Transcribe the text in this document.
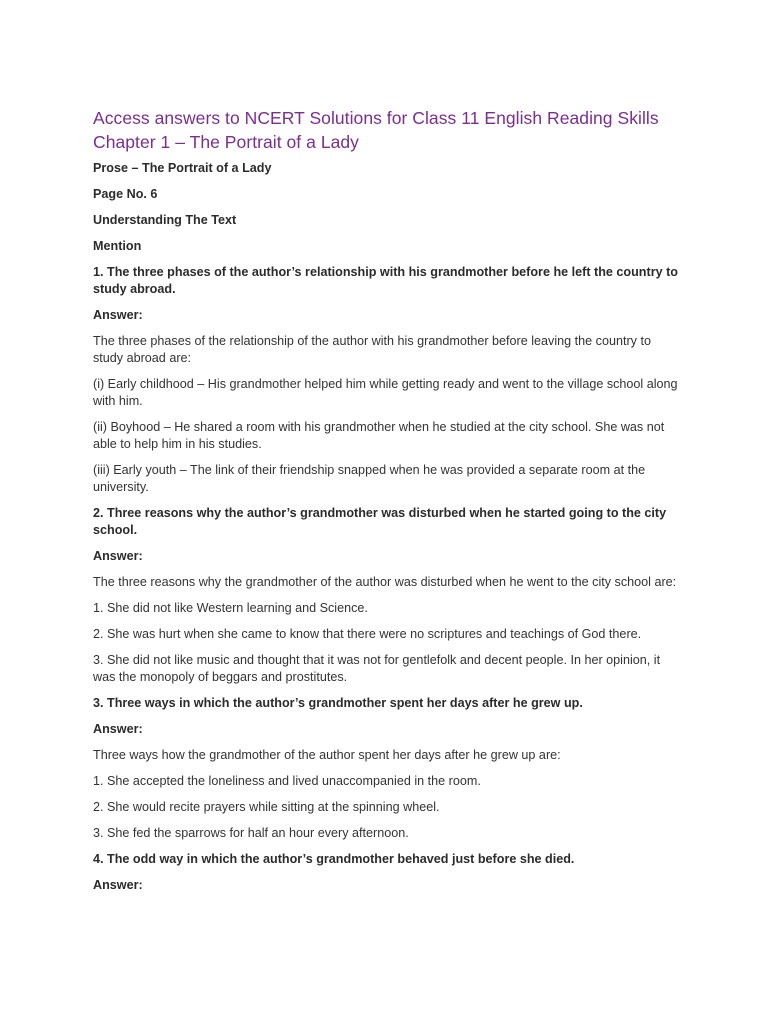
Access answers to NCERT Solutions for Class 11 English Reading Skills Chapter 1 – The Portrait of a Lady

Prose – The Portrait of a Lady

Page No. 6

Understanding The Text

Mention

1. The three phases of the author’s relationship with his grandmother before he left the country to study abroad.

Answer:

The three phases of the relationship of the author with his grandmother before leaving the country to study abroad are:

(i) Early childhood – His grandmother helped him while getting ready and went to the village school along with him.

(ii) Boyhood – He shared a room with his grandmother when he studied at the city school. She was not able to help him in his studies.

(iii) Early youth – The link of their friendship snapped when he was provided a separate room at the university.

2. Three reasons why the author’s grandmother was disturbed when he started going to the city school.

Answer:

The three reasons why the grandmother of the author was disturbed when he went to the city school are:

1. She did not like Western learning and Science.

2. She was hurt when she came to know that there were no scriptures and teachings of God there.

3. She did not like music and thought that it was not for gentlefolk and decent people. In her opinion, it was the monopoly of beggars and prostitutes.

3. Three ways in which the author’s grandmother spent her days after he grew up.

Answer:

Three ways how the grandmother of the author spent her days after he grew up are:

1. She accepted the loneliness and lived unaccompanied in the room.

2. She would recite prayers while sitting at the spinning wheel.

3. She fed the sparrows for half an hour every afternoon.

4. The odd way in which the author’s grandmother behaved just before she died.

Answer:
